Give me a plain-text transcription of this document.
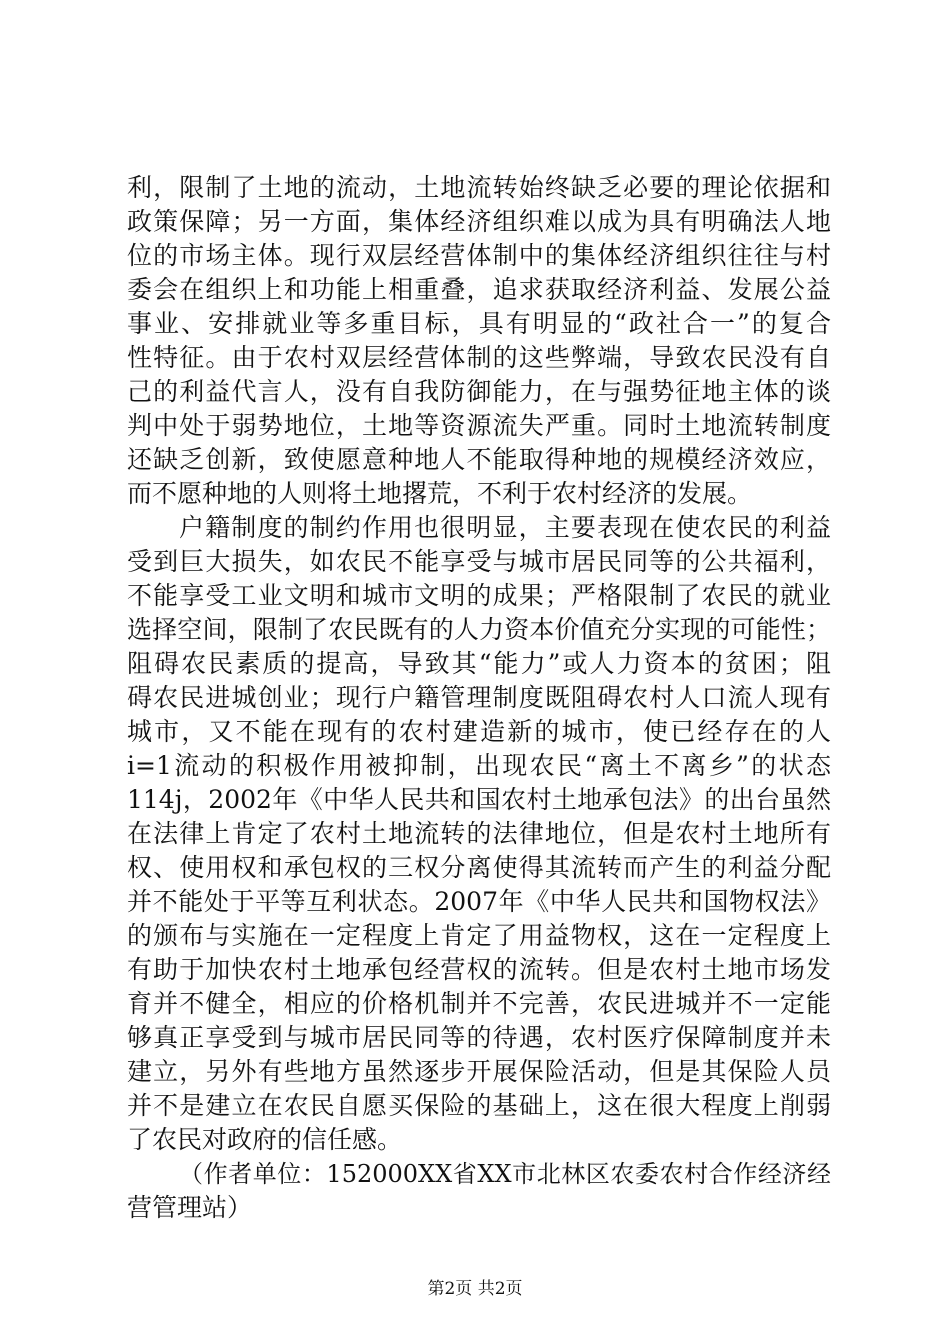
利，限制了土地的流动，土地流转始终缺乏必要的理论依据和
政策保障；另一方面，集体经济组织难以成为具有明确法人地
位的市场主体。现行双层经营体制中的集体经济组织往往与村
委会在组织上和功能上相重叠，追求获取经济利益、发展公益
事业、安排就业等多重目标，具有明显的“政社合一”的复合
性特征。由于农村双层经营体制的这些弊端，导致农民没有自
己的利益代言人，没有自我防御能力，在与强势征地主体的谈
判中处于弱势地位，土地等资源流失严重。同时土地流转制度
还缺乏创新，致使愿意种地人不能取得种地的规模经济效应，
而不愿种地的人则将土地撂荒，不利于农村经济的发展。
户籍制度的制约作用也很明显，主要表现在使农民的利益
受到巨大损失，如农民不能享受与城市居民同等的公共福利，
不能享受工业文明和城市文明的成果；严格限制了农民的就业
选择空间，限制了农民既有的人力资本价值充分实现的可能性；
阻碍农民素质的提高，导致其“能力”或人力资本的贫困；阻
碍农民进城创业；现行户籍管理制度既阻碍农村人口流人现有
城市，又不能在现有的农村建造新的城市，使已经存在的人
i=1流动的积极作用被抑制，出现农民“离土不离乡”的状态
114j，2002年《中华人民共和国农村土地承包法》的出台虽然
在法律上肯定了农村土地流转的法律地位，但是农村土地所有
权、使用权和承包权的三权分离使得其流转而产生的利益分配
并不能处于平等互利状态。2007年《中华人民共和国物权法》
的颁布与实施在一定程度上肯定了用益物权，这在一定程度上
有助于加快农村土地承包经营权的流转。但是农村土地市场发
育并不健全，相应的价格机制并不完善，农民进城并不一定能
够真正享受到与城市居民同等的待遇，农村医疗保障制度并未
建立，另外有些地方虽然逐步开展保险活动，但是其保险人员
并不是建立在农民自愿买保险的基础上，这在很大程度上削弱
了农民对政府的信任感。
（作者单位：152000XX省XX市北林区农委农村合作经济经
营管理站）
第2页 共2页
